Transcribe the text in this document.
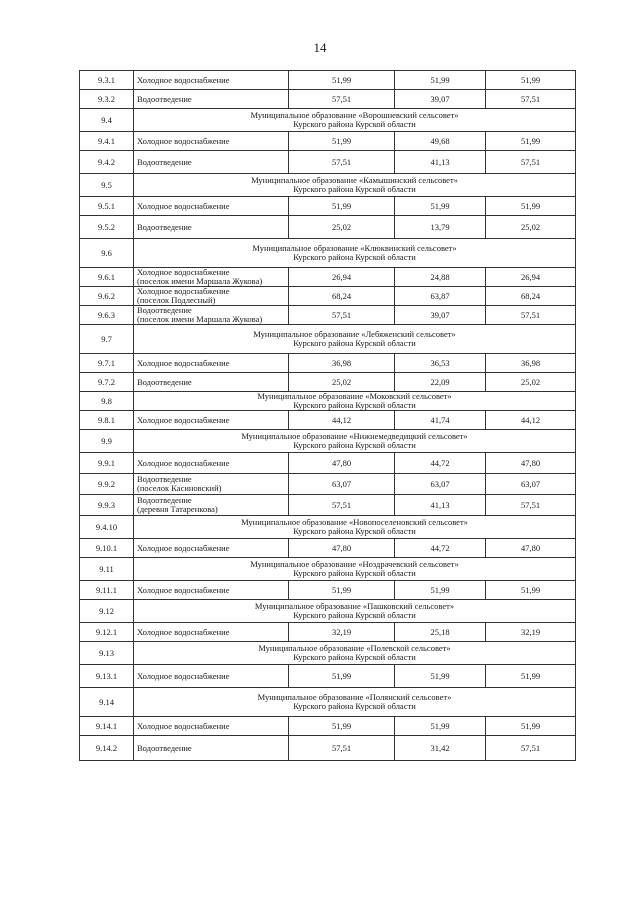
14
9.3.1	Холодное водоснабжение	51,99	51,99	51,99
9.3.2	Водоотведение	57,51	39,07	57,51
9.4	Муниципальное образование «Ворошневский сельсовет»
Курского района Курской области			

9.4.1	Холодное водоснабжение	51,99	49,68	51,99
9.4.2	Водоотведение	57,51	41,13	57,51
9.5	Муниципальное образование «Камышинский сельсовет»
Курского района Курской области			

9.5.1	Холодное водоснабжение	51,99	51,99	51,99
9.5.2	Водоотведение	25,02	13,79	25,02
9.6	Муниципальное образование «Клюквинский сельсовет»
Курского района Курской области			

9.6.1	Холодное водоснабжение
(поселок имени Маршала Жукова)	26,94	24,88	26,94
9.6.2	Холодное водоснабжение
(поселок Подлесный)	68,24	63,87	68,24
9.6.3	Водоотведение
(поселок имени Маршала Жукова)	57,51	39,07	57,51
9.7	Муниципальное образование «Лебяженский сельсовет»
Курского района Курской области			

9.7.1	Холодное водоснабжение	36,98	36,53	36,98
9.7.2	Водоотведение	25,02	22,09	25,02
9.8	Муниципальное образование «Моковский сельсовет»
Курского района Курской области			

9.8.1	Холодное водоснабжение	44,12	41,74	44,12
9.9	Муниципальное образование «Нижнемедведицкий сельсовет»
Курского района Курской области			

9.9.1	Холодное водоснабжение	47,80	44,72	47,80
9.9.2	Водоотведение
(поселок Касиновский)	63,07	63,07	63,07
9.9.3	Водоотведение
(деревня Татаренкова)	57,51	41,13	57,51
9.4.10	Муниципальное образование «Новопоселеновский сельсовет»
Курского района Курской области			

9.10.1	Холодное водоснабжение	47,80	44,72	47,80
9.11	Муниципальное образование «Ноздрачевский сельсовет»
Курского района Курской области			

9.11.1	Холодное водоснабжение	51,99	51,99	51,99
9.12	Муниципальное образование «Пашковский сельсовет»
Курского района Курской области			

9.12.1	Холодное водоснабжение	32,19	25,18	32,19
9.13	Муниципальное образование «Полевской сельсовет»
Курского района Курской области			

9.13.1	Холодное водоснабжение	51,99	51,99	51,99
9.14	Муниципальное образование «Полянский сельсовет»
Курского района Курской области			

9.14.1	Холодное водоснабжение	51,99	51,99	51,99
9.14.2	Водоотведение	57,51	31,42	57,51
